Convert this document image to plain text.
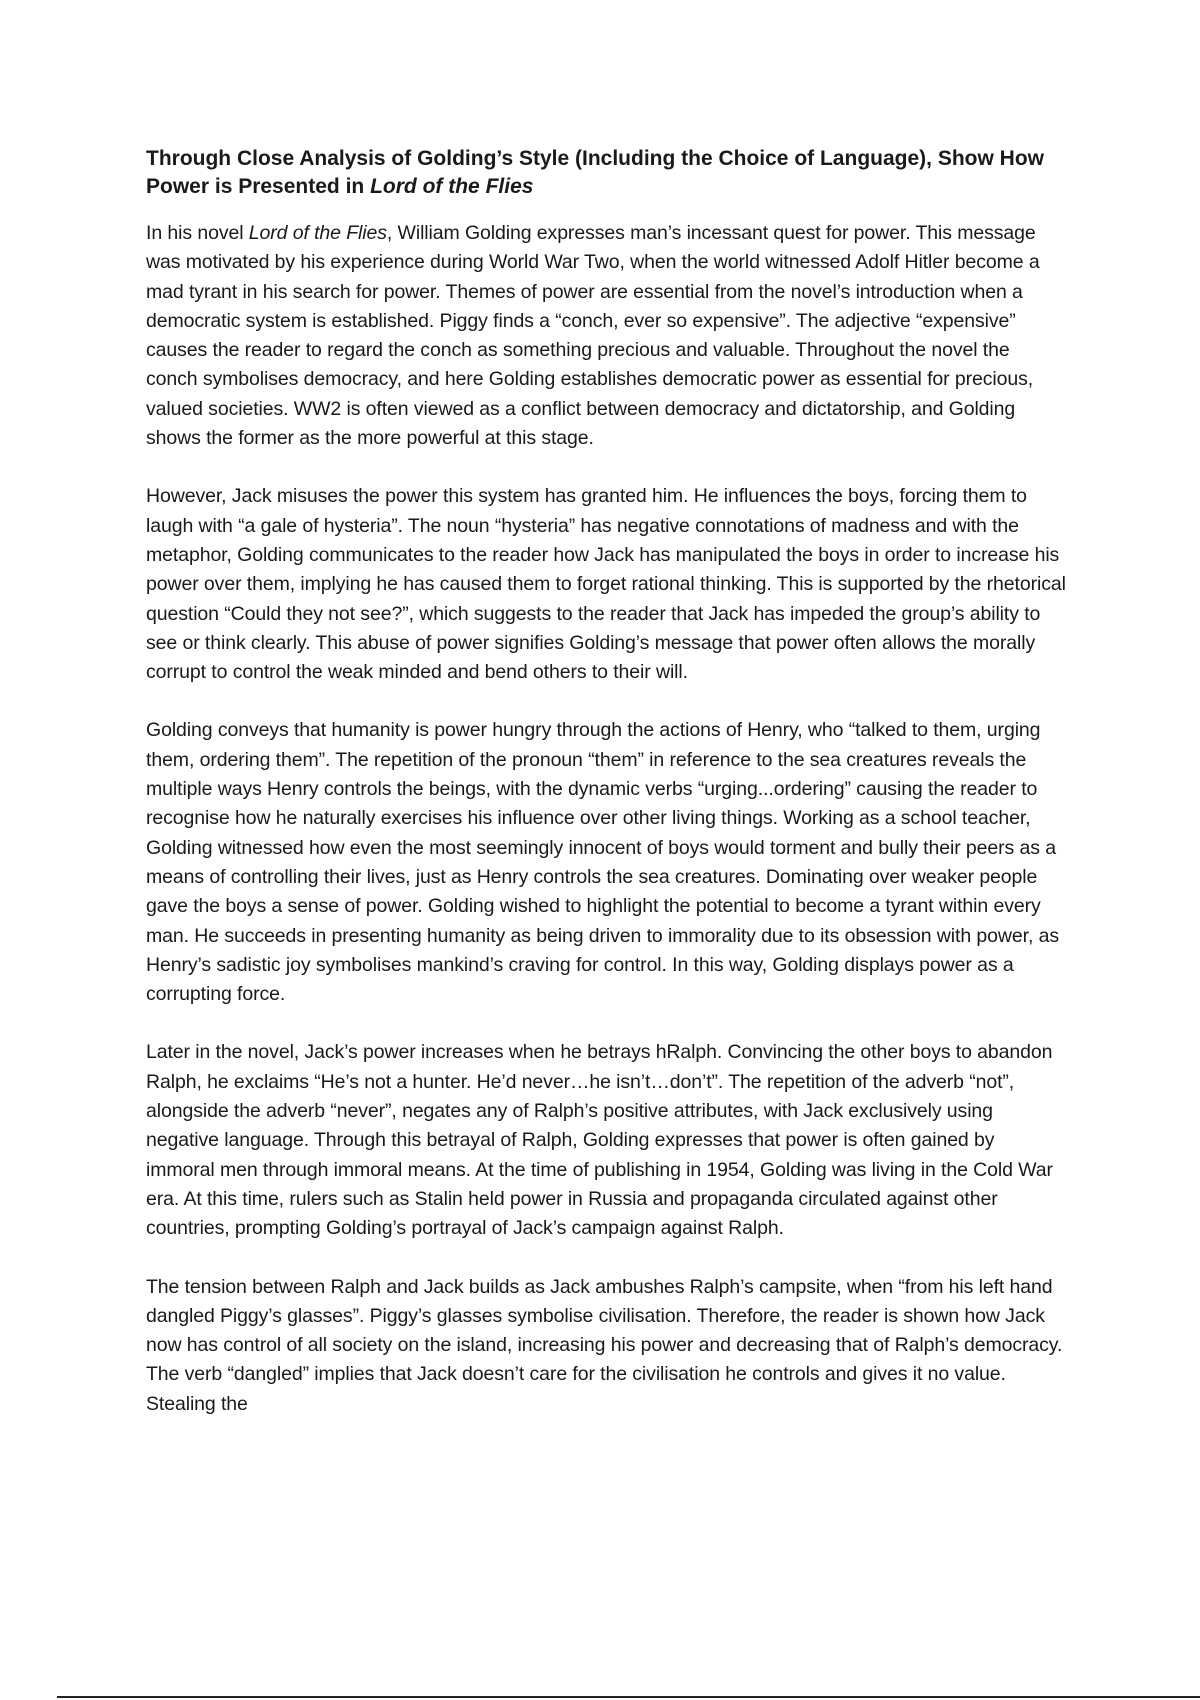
Through Close Analysis of Golding’s Style (Including the Choice of Language), Show How Power is Presented in Lord of the Flies

In his novel Lord of the Flies, William Golding expresses man’s incessant quest for power. This message was motivated by his experience during World War Two, when the world witnessed Adolf Hitler become a mad tyrant in his search for power. Themes of power are essential from the novel’s introduction when a democratic system is established. Piggy finds a “conch, ever so expensive”. The adjective “expensive” causes the reader to regard the conch as something precious and valuable. Throughout the novel the conch symbolises democracy, and here Golding establishes democratic power as essential for precious, valued societies. WW2 is often viewed as a conflict between democracy and dictatorship, and Golding shows the former as the more powerful at this stage.

However, Jack misuses the power this system has granted him. He influences the boys, forcing them to laugh with “a gale of hysteria”. The noun “hysteria” has negative connotations of madness and with the metaphor, Golding communicates to the reader how Jack has manipulated the boys in order to increase his power over them, implying he has caused them to forget rational thinking. This is supported by the rhetorical question “Could they not see?”, which suggests to the reader that Jack has impeded the group’s ability to see or think clearly. This abuse of power signifies Golding’s message that power often allows the morally corrupt to control the weak minded and bend others to their will.

Golding conveys that humanity is power hungry through the actions of Henry, who “talked to them, urging them, ordering them”. The repetition of the pronoun “them” in reference to the sea creatures reveals the multiple ways Henry controls the beings, with the dynamic verbs “urging...ordering” causing the reader to recognise how he naturally exercises his influence over other living things. Working as a school teacher, Golding witnessed how even the most seemingly innocent of boys would torment and bully their peers as a means of controlling their lives, just as Henry controls the sea creatures. Dominating over weaker people gave the boys a sense of power. Golding wished to highlight the potential to become a tyrant within every man. He succeeds in presenting humanity as being driven to immorality due to its obsession with power, as Henry’s sadistic joy symbolises mankind’s craving for control. In this way, Golding displays power as a corrupting force.

Later in the novel, Jack’s power increases when he betrays hRalph. Convincing the other boys to abandon Ralph, he exclaims “He’s not a hunter. He’d never…he isn’t…don’t”. The repetition of the adverb “not”, alongside the adverb “never”, negates any of Ralph’s positive attributes, with Jack exclusively using negative language. Through this betrayal of Ralph, Golding expresses that power is often gained by immoral men through immoral means. At the time of publishing in 1954, Golding was living in the Cold War era. At this time, rulers such as Stalin held power in Russia and propaganda circulated against other countries, prompting Golding’s portrayal of Jack’s campaign against Ralph.

The tension between Ralph and Jack builds as Jack ambushes Ralph’s campsite, when “from his left hand dangled Piggy’s glasses”. Piggy’s glasses symbolise civilisation. Therefore, the reader is shown how Jack now has control of all society on the island, increasing his power and decreasing that of Ralph’s democracy. The verb “dangled” implies that Jack doesn’t care for the civilisation he controls and gives it no value. Stealing the
